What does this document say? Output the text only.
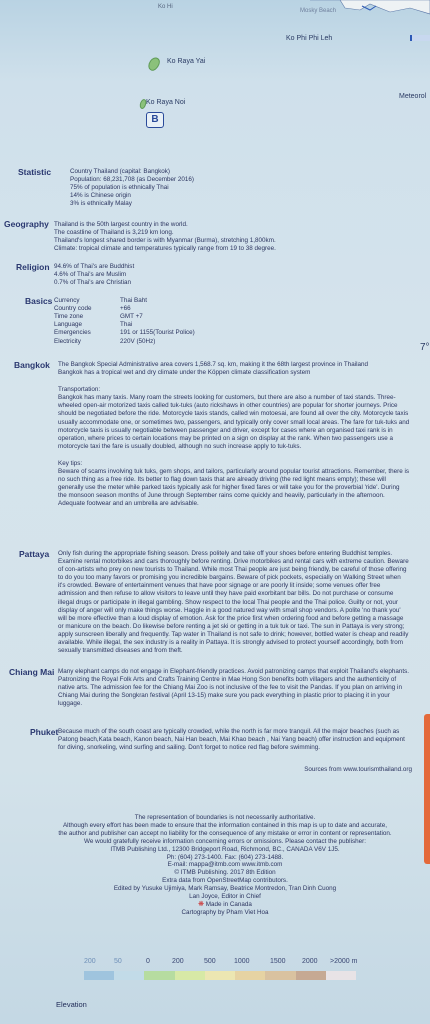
Ko Hi
Mosky Beach
Ko Phi Phi Leh
Ko Raya Yai
Ko Raya Noi
B
Meteorol
7°
Statistic	Country Thailand (capital: Bangkok)
Population: 68,231,708 (as December 2016)
75% of population is ethnically Thai
14% is Chinese origin
3% is ethnically Malay
Geography Thailand is the 50th largest country in the world.
The coastline of Thailand is 3,219 km long.
Thailand's longest shared border is with Myanmar (Burma), stretching 1,800km.
Climate: tropical climate and temperatures typically range from 19 to 38 degree.
Religion 94.6% of Thai's are Buddhist
4.6% of Thai's are Muslim
0.7% of Thai's are Christian
Basics Currency	Thai Baht
Country code	+66
Time zone	GMT +7
Language	Thai
Emergencies	191 or 1155(Tourist Police)
Electricity	220V (50Hz)
Bangkok The Bangkok Special Administrative area covers 1,568.7 sq. km, making it the 68th largest province in Thailand
Bangkok has a tropical wet and dry climate under the Köppen climate classification system
Transportation:
Bangkok has many taxis. Many roam the streets looking for customers, but there are also a number of taxi stands. Three-wheeled open-air motorized taxis called tuk-tuks (auto rickshaws in other countries) are popular for shorter journeys. Price should be negotiated before the ride. Motorcycle taxis stands, called win motoesai, are found all over the city. Motorcycle taxis usually accommodate one, or sometimes two, passengers, and typically only cover small local areas. The fare for tuk-tuks and motorcycle taxis is usually negotiable between passenger and driver, except for cases where an organised taxi rank is in operation, where prices to certain locations may be printed on a sign on display at the rank. When two passengers use a motorcycle taxi the fare is usually doubled, although no such increase apply to tuk-tuks.
Key tips:
Beware of scams involving tuk tuks, gem shops, and tailors, particularly around popular tourist attractions. Remember, there is no such thing as a free ride. Its better to flag down taxis that are already driving (the red light means empty); these will generally use the meter while parked taxis typically ask for higher fixed fares or will take you for the proverbial 'ride'. During the monsoon season months of June through September rains come quickly and heavily, particularly in the afternoon. Adequate footwear and an umbrella are advisable.
Pattaya Only fish during the appropriate fishing season. Dress politely and take off your shoes before entering Buddhist temples. Examine rental motorbikes and cars thoroughly before renting. Drive motorbikes and rental cars with extreme caution. Beware of con-artists who prey on new tourists to Thailand. While most Thai people are just being friendly, be careful of those offering to do you too many favors or promising you incredible bargains. Beware of pick pockets, especially on Walking Street when it's crowded. Beware of entertainment venues that have poor signage or are poorly lit inside; some venues offer free admission and then refuse to allow visitors to leave until they have paid exorbitant bar bills. Do not purchase or consume illegal drugs or participate in illegal gambling. Show respect to the local Thai people and the Thai police. Guilty or not, your display of anger will only make things worse. Haggle in a good natured way with small shop vendors. A polite 'no thank you' will be more effective than a loud display of emotion. Ask for the price first when ordering food and before getting a massage or manicure on the beach. Do likewise before renting a jet ski or getting in a tuk tuk or taxi. The sun in Pattaya is very strong; apply sunscreen liberally and frequently. Tap water in Thailand is not safe to drink; however, bottled water is cheap and readily available. While illegal, the sex industry is a reality in Pattaya. It is strongly advised to protect yourself accordingly, both from sexually transmitted diseases and from theft.
Chiang Mai Many elephant camps do not engage in Elephant-friendly practices. Avoid patronizing camps that exploit Thailand's elephants. Patronizing the Royal Folk Arts and Crafts Training Centre in Mae Hong Son benefits both villagers and the authenticity of native arts. The admission fee for the Chiang Mai Zoo is not inclusive of the fee to visit the Pandas. If you plan on arriving in Chiang Mai during the Songkran festival (April 13-15) make sure you pack everything in plastic prior to placing it in your luggage.
Phuket Because much of the south coast are typically crowded, while the north is far more tranquil. All the major beaches (such as Patong beach,Kata beach, Kanon beach, Nai Han beach, Mai Khao beach , Nai Yang beach) offer instruction and equipment for diving, snorkeling, wind surfing and sailing. Don't forget to notice red flag before swimming.
Sources from www.tourismthailand.org
The representation of boundaries is not necessarily authoritative.
Although every effort has been made to ensure that the information contained in this map is up to date and accurate,
the author and publisher can accept no liability for the consequence of any mistake or error in content or representation.
We would gratefully receive information concerning errors or omissions. Please contact the publisher:
ITMB Publishing Ltd., 12300 Bridgeport Road, Richmond, BC., CANADA V6V 1J5.
Ph: (604) 273-1400. Fax: (604) 273-1488.
E-mail: mappa@itmb.com www.itmb.com
© ITMB Publishing. 2017 8th Edition
Extra data from OpenStreetMap contributors.
Edited by Yusuke Ujimiya, Mark Ramsay, Beatrice Montredon, Tran Dinh Cuong
Lan Joyce, Editor in Chief
❋ Made in Canada
Cartography by Pham Viet Hoa
200	50	0	200	500	1000	1500 2000 >2000 m
Elevation
